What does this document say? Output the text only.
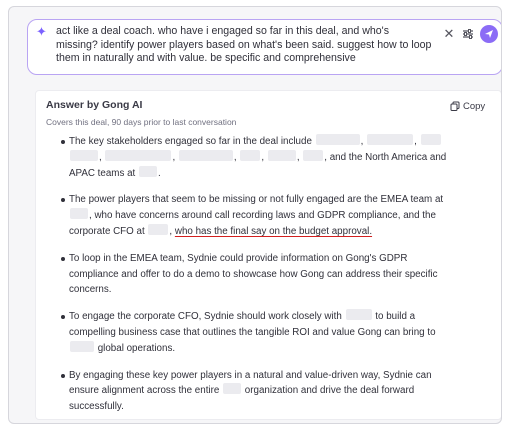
✦ act like a deal coach. who have i engaged so far in this deal, and who's missing? identify power players based on what's been said. suggest how to loop them in naturally and with value. be specific and comprehensive
✕
Answer by Gong AI	Copy
Covers this deal, 90 days prior to last conversation
The key stakeholders engaged so far in the deal include	,	,  ,	,	, ,	, , and the North America and APAC teams at .
The power players that seem to be missing or not fully engaged are the EMEA team at , who have concerns around call recording laws and GDPR compliance, and the corporate CFO at	, who has the final say on the budget approval.
To loop in the EMEA team, Sydnie could provide information on Gong's GDPR compliance and offer to do a demo to showcase how Gong can address their specific concerns.
To engage the corporate CFO, Sydnie should work closely with	to build a compelling business case that outlines the tangible ROI and value Gong can bring to  global operations.
By engaging these key power players in a natural and value-driven way, Sydnie can ensure alignment across the entire	organization and drive the deal forward successfully.
